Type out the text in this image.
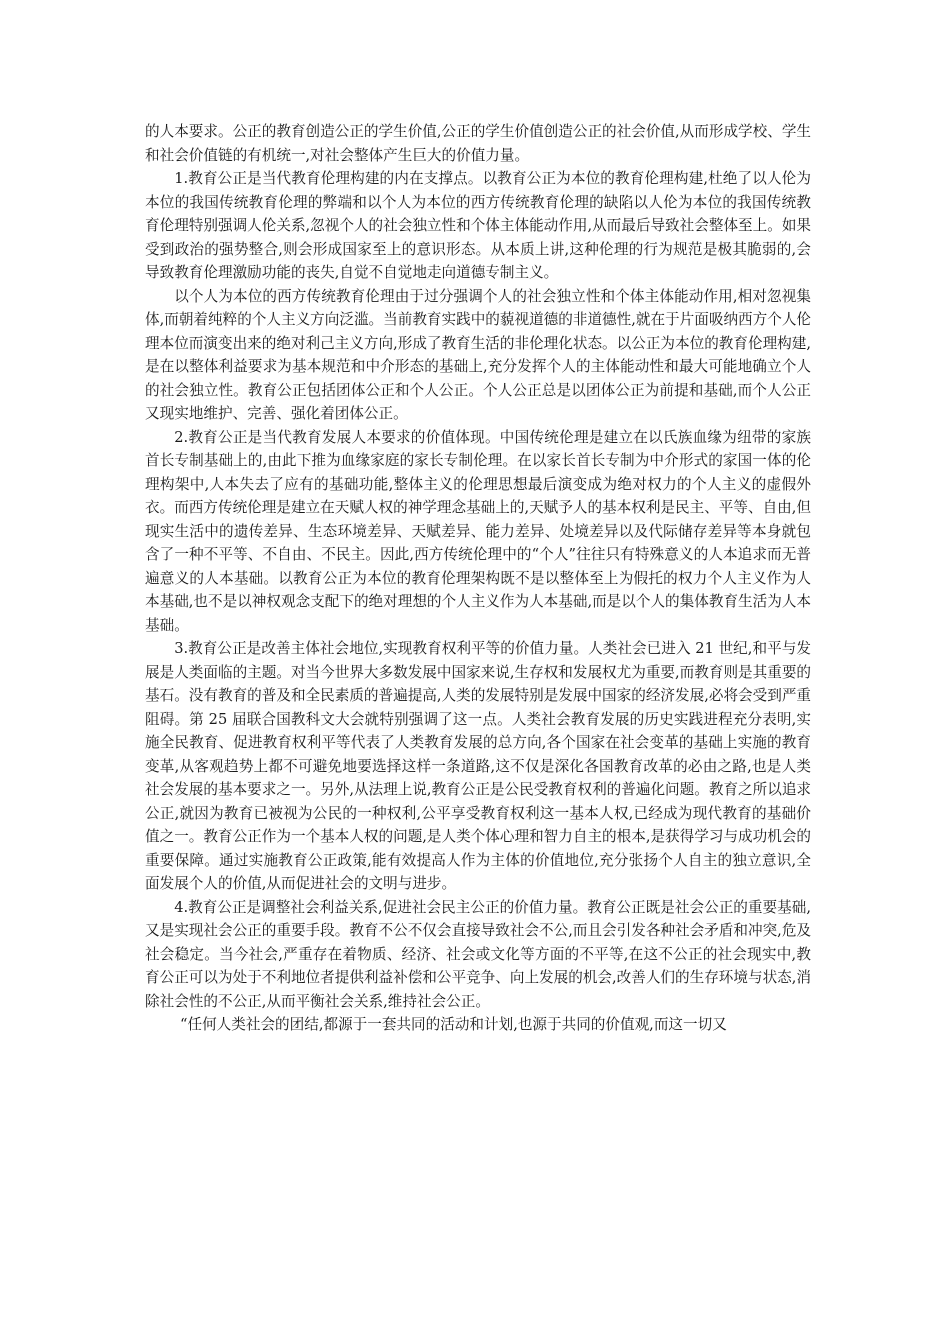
的人本要求。公正的教育创造公正的学生价值,公正的学生价值创造公正的社会价值,从而形成学校、学生和社会价值链的有机统一,对社会整体产生巨大的价值力量。

1.教育公正是当代教育伦理构建的内在支撑点。以教育公正为本位的教育伦理构建,杜绝了以人伦为本位的我国传统教育伦理的弊端和以个人为本位的西方传统教育伦理的缺陷以人伦为本位的我国传统教育伦理特别强调人伦关系,忽视个人的社会独立性和个体主体能动作用,从而最后导致社会整体至上。如果受到政治的强势整合,则会形成国家至上的意识形态。从本质上讲,这种伦理的行为规范是极其脆弱的,会导致教育伦理激励功能的丧失,自觉不自觉地走向道德专制主义。

以个人为本位的西方传统教育伦理由于过分强调个人的社会独立性和个体主体能动作用,相对忽视集体,而朝着纯粹的个人主义方向泛滥。当前教育实践中的藐视道德的非道德性,就在于片面吸纳西方个人伦理本位而演变出来的绝对利己主义方向,形成了教育生活的非伦理化状态。以公正为本位的教育伦理构建,是在以整体利益要求为基本规范和中介形态的基础上,充分发挥个人的主体能动性和最大可能地确立个人的社会独立性。教育公正包括团体公正和个人公正。个人公正总是以团体公正为前提和基础,而个人公正又现实地维护、完善、强化着团体公正。

2.教育公正是当代教育发展人本要求的价值体现。中国传统伦理是建立在以氏族血缘为纽带的家族首长专制基础上的,由此下推为血缘家庭的家长专制伦理。在以家长首长专制为中介形式的家国一体的伦理构架中,人本失去了应有的基础功能,整体主义的伦理思想最后演变成为绝对权力的个人主义的虚假外衣。而西方传统伦理是建立在天赋人权的神学理念基础上的,天赋予人的基本权利是民主、平等、自由,但现实生活中的遗传差异、生态环境差异、天赋差异、能力差异、处境差异以及代际储存差异等本身就包含了一种不平等、不自由、不民主。因此,西方传统伦理中的“个人”往往只有特殊意义的人本追求而无普遍意义的人本基础。以教育公正为本位的教育伦理架构既不是以整体至上为假托的权力个人主义作为人本基础,也不是以神权观念支配下的绝对理想的个人主义作为人本基础,而是以个人的集体教育生活为人本基础。

3.教育公正是改善主体社会地位,实现教育权利平等的价值力量。人类社会已进入 21 世纪,和平与发展是人类面临的主题。对当今世界大多数发展中国家来说,生存权和发展权尤为重要,而教育则是其重要的基石。没有教育的普及和全民素质的普遍提高,人类的发展特别是发展中国家的经济发展,必将会受到严重阻碍。第 25 届联合国教科文大会就特别强调了这一点。人类社会教育发展的历史实践进程充分表明,实施全民教育、促进教育权利平等代表了人类教育发展的总方向,各个国家在社会变革的基础上实施的教育变革,从客观趋势上都不可避免地要选择这样一条道路,这不仅是深化各国教育改革的必由之路,也是人类社会发展的基本要求之一。另外,从法理上说,教育公正是公民受教育权利的普遍化问题。教育之所以追求公正,就因为教育已被视为公民的一种权利,公平享受教育权利这一基本人权,已经成为现代教育的基础价值之一。教育公正作为一个基本人权的问题,是人类个体心理和智力自主的根本,是获得学习与成功机会的重要保障。通过实施教育公正政策,能有效提高人作为主体的价值地位,充分张扬个人自主的独立意识,全面发展个人的价值,从而促进社会的文明与进步。

4.教育公正是调整社会利益关系,促进社会民主公正的价值力量。教育公正既是社会公正的重要基础,又是实现社会公正的重要手段。教育不公不仅会直接导致社会不公,而且会引发各种社会矛盾和冲突,危及社会稳定。当今社会,严重存在着物质、经济、社会或文化等方面的不平等,在这不公正的社会现实中,教育公正可以为处于不利地位者提供利益补偿和公平竞争、向上发展的机会,改善人们的生存环境与状态,消除社会性的不公正,从而平衡社会关系,维持社会公正。

“任何人类社会的团结,都源于一套共同的活动和计划,也源于共同的价值观,而这一切又
